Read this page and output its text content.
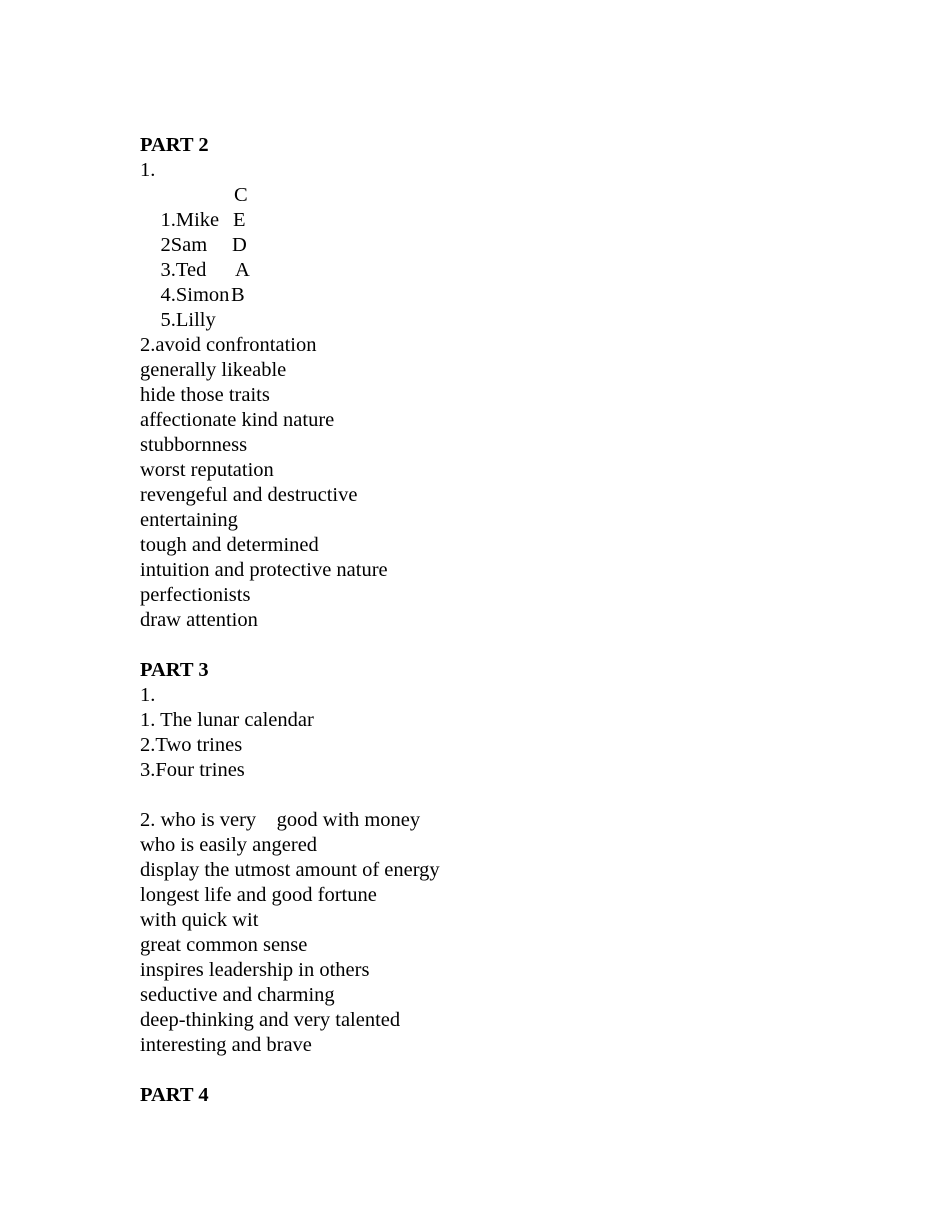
PART 2
1.

1.Mike

C

2Sam

E

3.Ted

D

4.Simon

A

5.Lilly

B

2.avoid confrontation
generally likeable
hide those traits
affectionate kind nature
stubbornness
worst reputation
revengeful and destructive
entertaining
tough and determined
intuition and protective nature
perfectionists
draw attention
PART 3
1.
1. The lunar calendar
2.Two trines
3.Four trines
2. who is very    good with money
who is easily angered
display the utmost amount of energy
longest life and good fortune
with quick wit
great common sense
inspires leadership in others
seductive and charming
deep-thinking and very talented
interesting and brave
PART 4
